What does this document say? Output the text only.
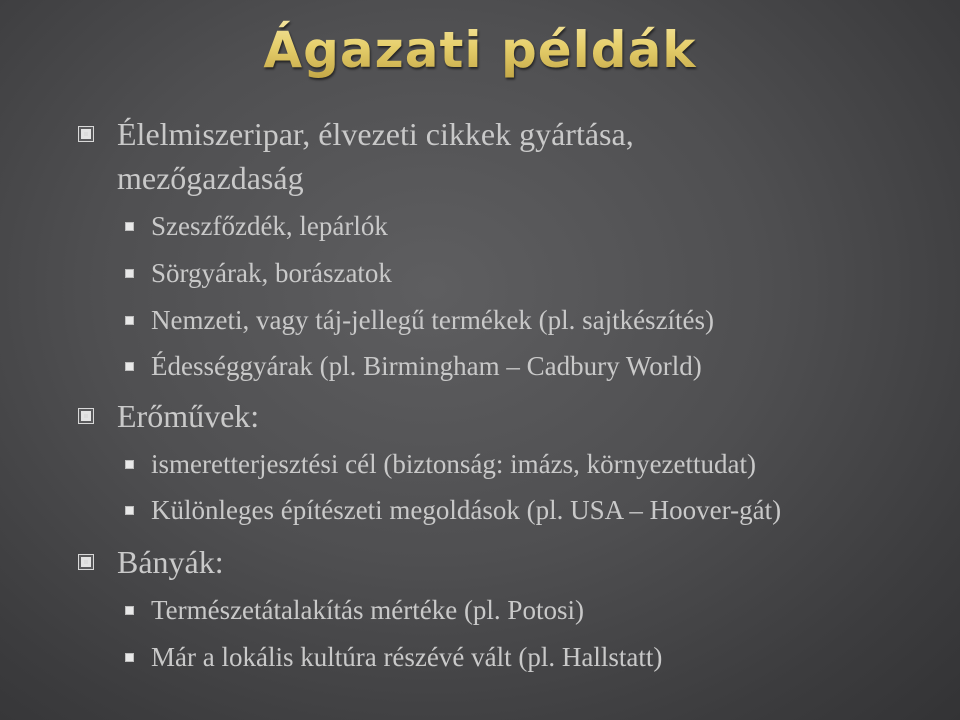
Ágazati példák
Élelmiszeripar, élvezeti cikkek gyártása, mezőgazdaság
Szeszfőzdék, lepárlók
Sörgyárak, borászatok
Nemzeti, vagy táj-jellegű termékek (pl. sajtkészítés)
Édességgyárak (pl. Birmingham – Cadbury World)
Erőművek:
ismeretterjesztési cél (biztonság: imázs, környezettudat)
Különleges építészeti megoldások (pl. USA – Hoover-gát)
Bányák:
Természetátalakítás mértéke (pl. Potosi)
Már a lokális kultúra részévé vált (pl. Hallstatt)
